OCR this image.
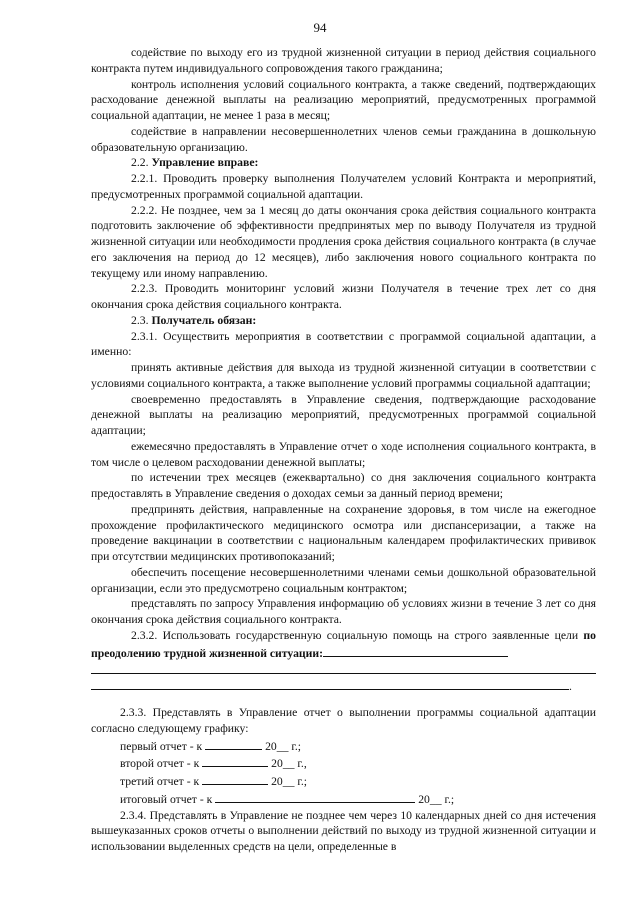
94

содействие по выходу его из трудной жизненной ситуации в период действия социального контракта путем индивидуального сопровождения такого гражданина;

контроль исполнения условий социального контракта, а также сведений, подтверждающих расходование денежной выплаты на реализацию мероприятий, предусмотренных программой социальной адаптации, не менее 1 раза в месяц;

содействие в направлении несовершеннолетних членов семьи гражданина в дошкольную образовательную организацию.

2.2. Управление вправе:

2.2.1. Проводить проверку выполнения Получателем условий Контракта и мероприятий, предусмотренных программой социальной адаптации.

2.2.2. Не позднее, чем за 1 месяц до даты окончания срока действия социального контракта подготовить заключение об эффективности предпринятых мер по выводу Получателя из трудной жизненной ситуации или необходимости продления срока действия социального контракта (в случае его заключения на период до 12 месяцев), либо заключения нового социального контракта по текущему или иному направлению.

2.2.3. Проводить мониторинг условий жизни Получателя в течение трех лет со дня окончания срока действия социального контракта.

2.3. Получатель обязан:

2.3.1. Осуществить мероприятия в соответствии с программой социальной адаптации, а именно:

принять активные действия для выхода из трудной жизненной ситуации в соответствии с условиями социального контракта, а также выполнение условий программы социальной адаптации;

своевременно предоставлять в Управление сведения, подтверждающие расходование денежной выплаты на реализацию мероприятий, предусмотренных программой социальной адаптации;

ежемесячно предоставлять в Управление отчет о ходе исполнения социального контракта, в том числе о целевом расходовании денежной выплаты;

по истечении трех месяцев (ежеквартально) со дня заключения социального контракта предоставлять в Управление сведения о доходах семьи за данный период времени;

предпринять действия, направленные на сохранение здоровья, в том числе на ежегодное прохождение профилактического медицинского осмотра или диспансеризации, а также на проведение вакцинации в соответствии с национальным календарем профилактических прививок при отсутствии медицинских противопоказаний;

обеспечить посещение несовершеннолетними членами семьи дошкольной образовательной организации, если это предусмотрено социальным контрактом;

представлять по запросу Управления информацию об условиях жизни в течение 3 лет со дня окончания срока действия социального контракта.

2.3.2. Использовать государственную социальную помощь на строго заявленные цели по преодолению трудной жизненной ситуации:

.

2.3.3. Представлять в Управление отчет о выполнении программы социальной адаптации согласно следующему графику:

первый отчет - к	20__ г.;

второй отчет - к	20__ г.,

третий отчет - к	20__ г.;

итоговый отчет - к	20__ г.;

2.3.4. Представлять в Управление не позднее чем через 10 календарных дней со дня истечения вышеуказанных сроков отчеты о выполнении действий по выходу из трудной жизненной ситуации и использовании выделенных средств на цели, определенные в
